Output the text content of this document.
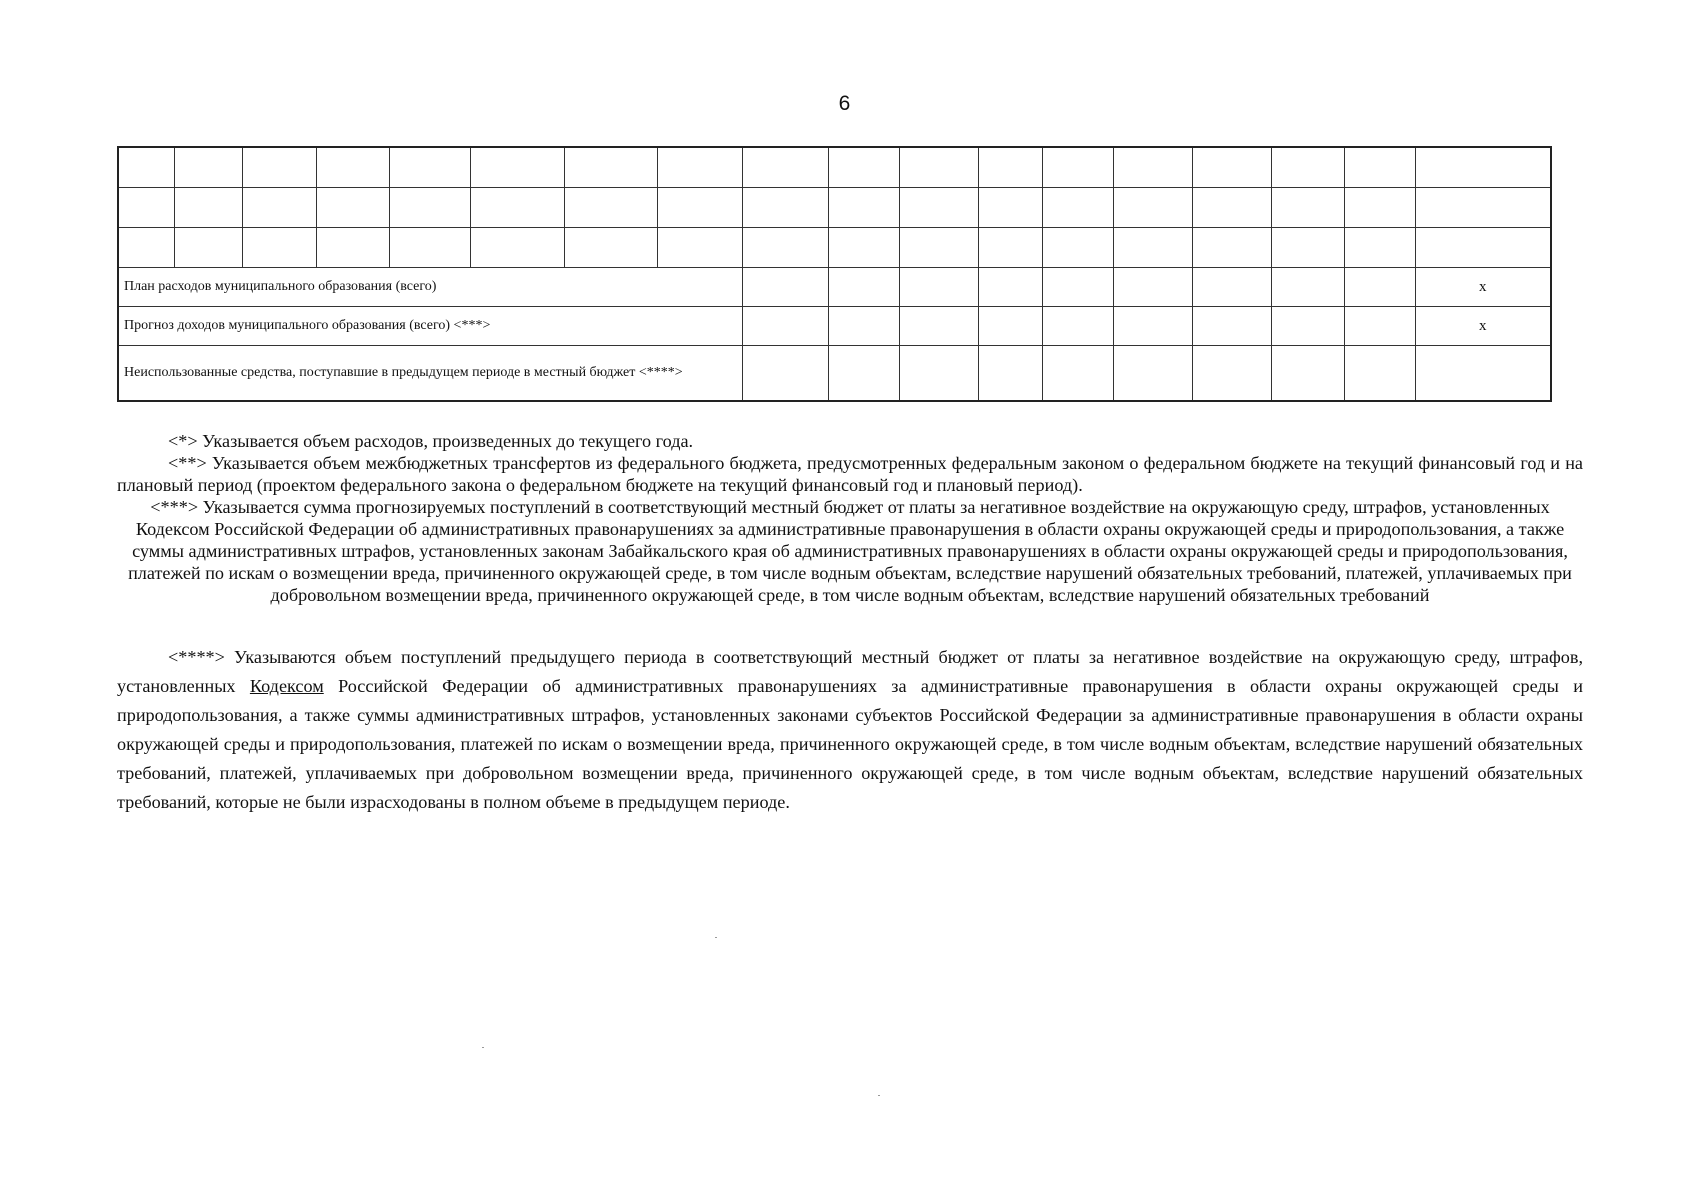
6

План расходов муниципального образования (всего)																	x
Прогноз доходов муниципального образования (всего) <***>																	x
Неиспользованные средства, поступавшие в предыдущем периоде в местный бюджет <****>																	
<*> Указывается объем расходов, произведенных до текущего года.
<**> Указывается объем межбюджетных трансфертов из федерального бюджета, предусмотренных федеральным законом о федеральном бюджете на текущий финансовый год и на плановый период (проектом федерального закона о федеральном бюджете на текущий финансовый год и плановый период).
<***> Указывается сумма прогнозируемых поступлений в соответствующий местный бюджет от платы за негативное воздействие на окружающую среду, штрафов, установленных Кодексом Российской Федерации об административных правонарушениях за административные правонарушения в области охраны окружающей среды и природопользования, а также суммы административных штрафов, установленных законам Забайкальского края об административных правонарушениях в области охраны окружающей среды и природопользования, платежей по искам о возмещении вреда, причиненного окружающей среде, в том числе водным объектам, вследствие нарушений обязательных требований, платежей, уплачиваемых при добровольном возмещении вреда, причиненного окружающей среде, в том числе водным объектам, вследствие нарушений обязательных требований
<****> Указываются объем поступлений предыдущего периода в соответствующий местный бюджет от платы за негативное воздействие на окружающую среду, штрафов, установленных Кодексом Российской Федерации об административных правонарушениях за административные правонарушения в области охраны окружающей среды и природопользования, а также суммы административных штрафов, установленных законами субъектов Российской Федерации за административные правонарушения в области охраны окружающей среды и природопользования, платежей по искам о возмещении вреда, причиненного окружающей среде, в том числе водным объектам, вследствие нарушений обязательных требований, платежей, уплачиваемых при добровольном возмещении вреда, причиненного окружающей среде, в том числе водным объектам, вследствие нарушений обязательных требований, которые не были израсходованы в полном объеме в предыдущем периоде.
